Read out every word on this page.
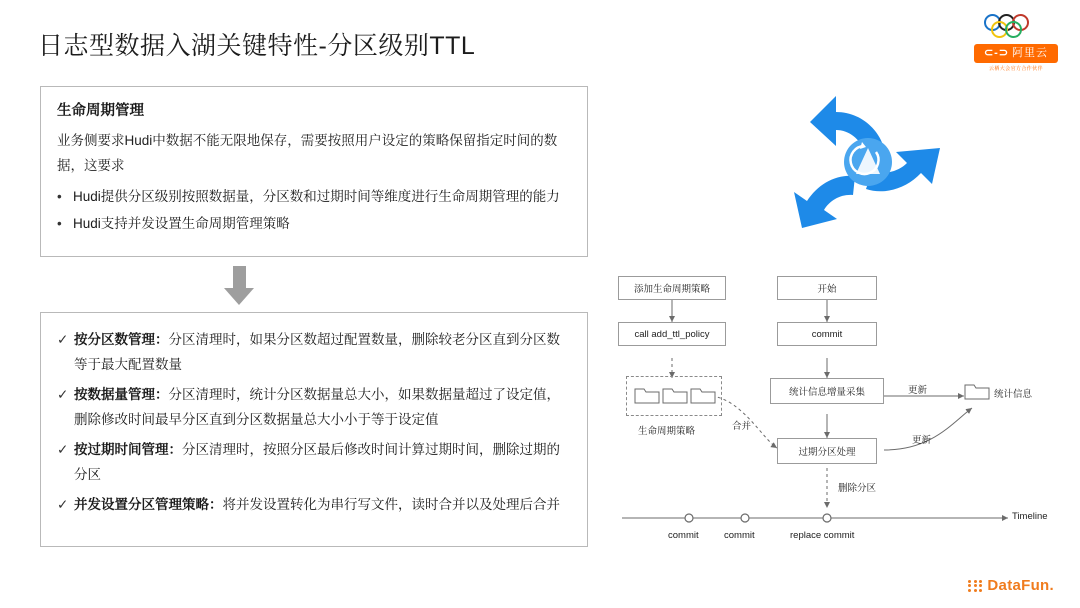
日志型数据入湖关键特性-分区级别TTL	⊂-⊃ 阿里云
云栖大会官方合作伙伴
生命周期管理
业务侧要求Hudi中数据不能无限地保存，需要按照用户设定的策略保留指定时间的数据，这要求
• Hudi提供分区级别按照数据量，分区数和过期时间等维度进行生命周期管理的能力
• Hudi支持并发设置生命周期管理策略
✓ 按分区数管理：分区清理时，如果分区数超过配置数量，删除较老分区直到分区数等于最大配置数量
✓ 按数据量管理：分区清理时，统计分区数据量总大小，如果数据量超过了设定值，删除修改时间最早分区直到分区数据量总大小小于等于设定值
✓ 按过期时间管理：分区清理时，按照分区最后修改时间计算过期时间，删除过期的分区
✓ 并发设置分区管理策略：将并发设置转化为串行写文件，读时合并以及处理后合并
添加生命周期策略
call add_ttl_policy
开始
commit
统计信息增量采集
过期分区处理
统计信息
生命周期策略	合并
更新
更新
删除分区
Timeline
commit	commit	replace commit
DataFun.
